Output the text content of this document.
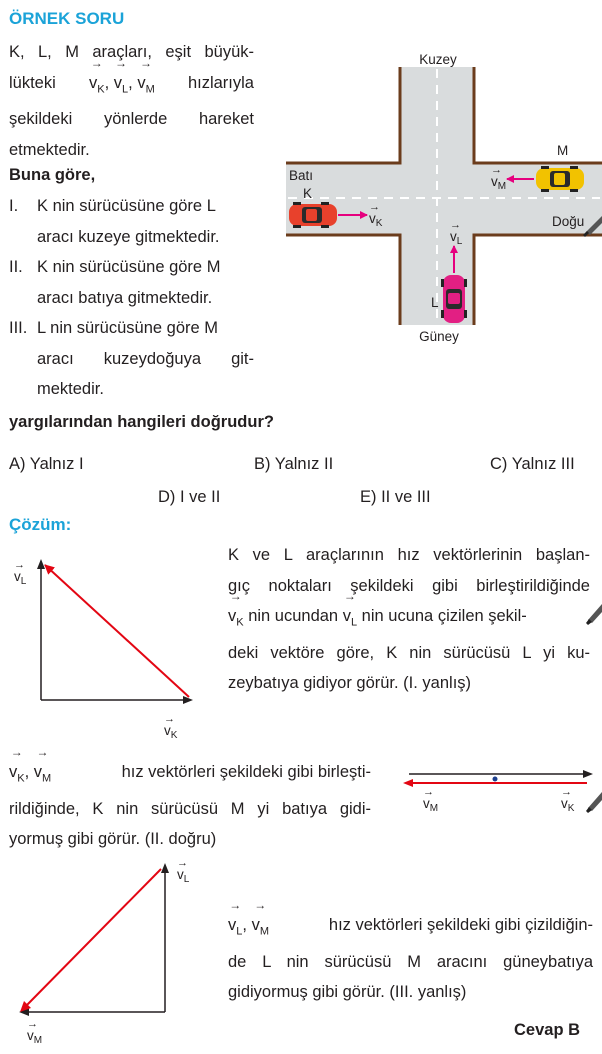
ÖRNEK SORU
K, L, M araçları, eşit büyük-
lükteki → $v_K$, → $v_L$, → $v_M$ hızlarıyla
şekildeki yönlerde hareket
etmektedir.
Buna göre,
I. K nin sürücüsüne göre L
aracı kuzeye gitmektedir.
II. K nin sürücüsüne göre M
aracı batıya gitmektedir.
III. L nin sürücüsüne göre M
aracı kuzeydoğuya git-
mektedir.
yargılarından hangileri doğrudur?
A) Yalnız I	B) Yalnız II	C) Yalnız III
D) I ve II	E) II ve III
Kuzey
Güney
Batı
Doğu
K
M
L
$v_K$
→
$v_M$
→
$v_L$
→
Çözüm:
$v_L$
→
$v_K$
→
K ve L araçlarının hız vektörlerinin başlan-
gıç noktaları şekildeki gibi birleştirildiğinde
→ $v_K$ nin ucundan → $v_L$ nin ucuna çizilen şekil-
deki vektöre göre, K nin sürücüsü L yi ku-
zeybatıya gidiyor görür. (I. yanlış)
→ $v_K$, → $v_M$	hız vektörleri şekildeki gibi birleşti-
rildiğinde, K nin sürücüsü M yi batıya gidi-
yormuş gibi görür. (II. doğru)
$v_M$
→
$v_K$
→
$v_L$
→
$v_M$
→
→ $v_L$, → $v_M$	hız vektörleri şekildeki gibi çizildiğin-
de L nin sürücüsü M aracını güneybatıya
gidiyormuş gibi görür. (III. yanlış)
Cevap B
